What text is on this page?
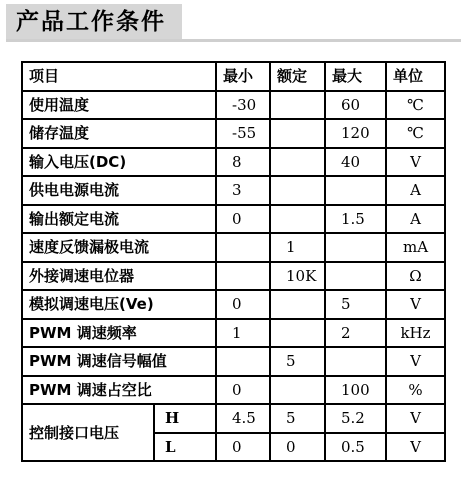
产品工作条件
项目		最小	额定	最大	单位
使用温度		-30		60	℃
储存温度		-55		120	℃
输入电压(DC)		8		40	V
供电电源电流		3			A
输出额定电流		0		1.5	A
速度反馈漏极电流			1		mA
外接调速电位器			10K		Ω
模拟调速电压(Ve)		0		5	V
PWM 调速频率		1		2	kHz
PWM 调速信号幅值			5		V
PWM 调速占空比		0		100	%
控制接口电压	H	4.5	5	5.2	V
	L	0	0	0.5	V
